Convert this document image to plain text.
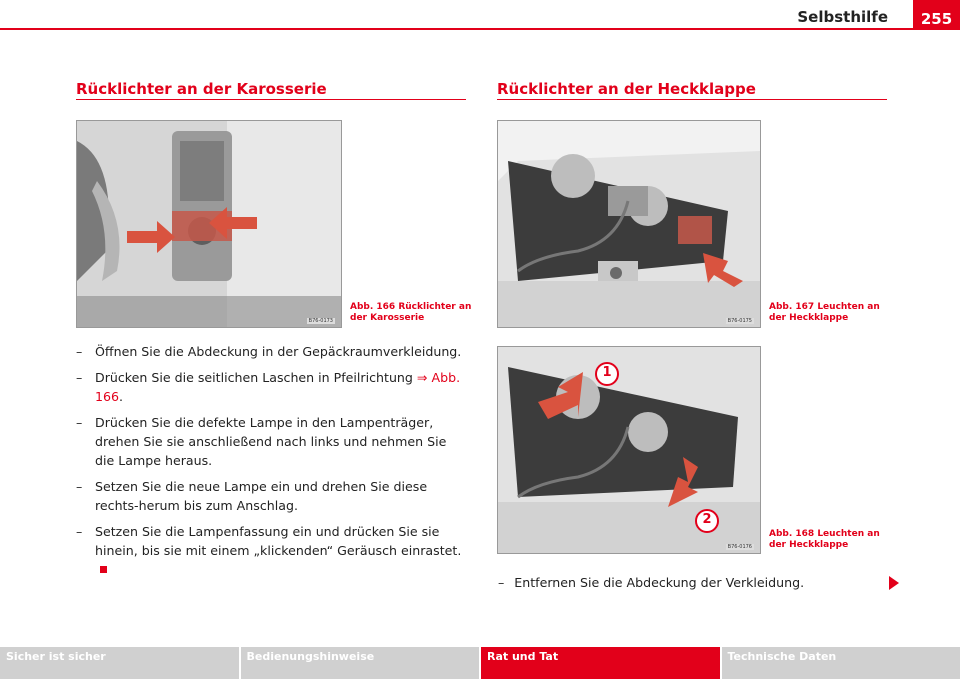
Selbsthilfe	255
Rücklichter an der Karosserie
B76-0173
Abb. 166 Rücklichter an
der Karosserie
– Öffnen Sie die Abdeckung in der Gepäckraumverkleidung.
– Drücken Sie die seitlichen Laschen in Pfeilrichtung ⇒ Abb. 166.
– Drücken Sie die defekte Lampe in den Lampenträger, drehen Sie sie anschließend nach links und nehmen Sie die Lampe heraus.
– Setzen Sie die neue Lampe ein und drehen Sie diese rechts-herum bis zum Anschlag.
– Setzen Sie die Lampenfassung ein und drücken Sie sie hinein, bis sie mit einem „klickenden“ Geräusch einrastet.
Rücklichter an der Heckklappe
B76-0175
Abb. 167 Leuchten an
der Heckklappe
1
2
B76-0176
Abb. 168 Leuchten an
der Heckklappe
– Entfernen Sie die Abdeckung der Verkleidung.
Sicher ist sicher	Bedienungshinweise	Rat und Tat	Technische Daten
